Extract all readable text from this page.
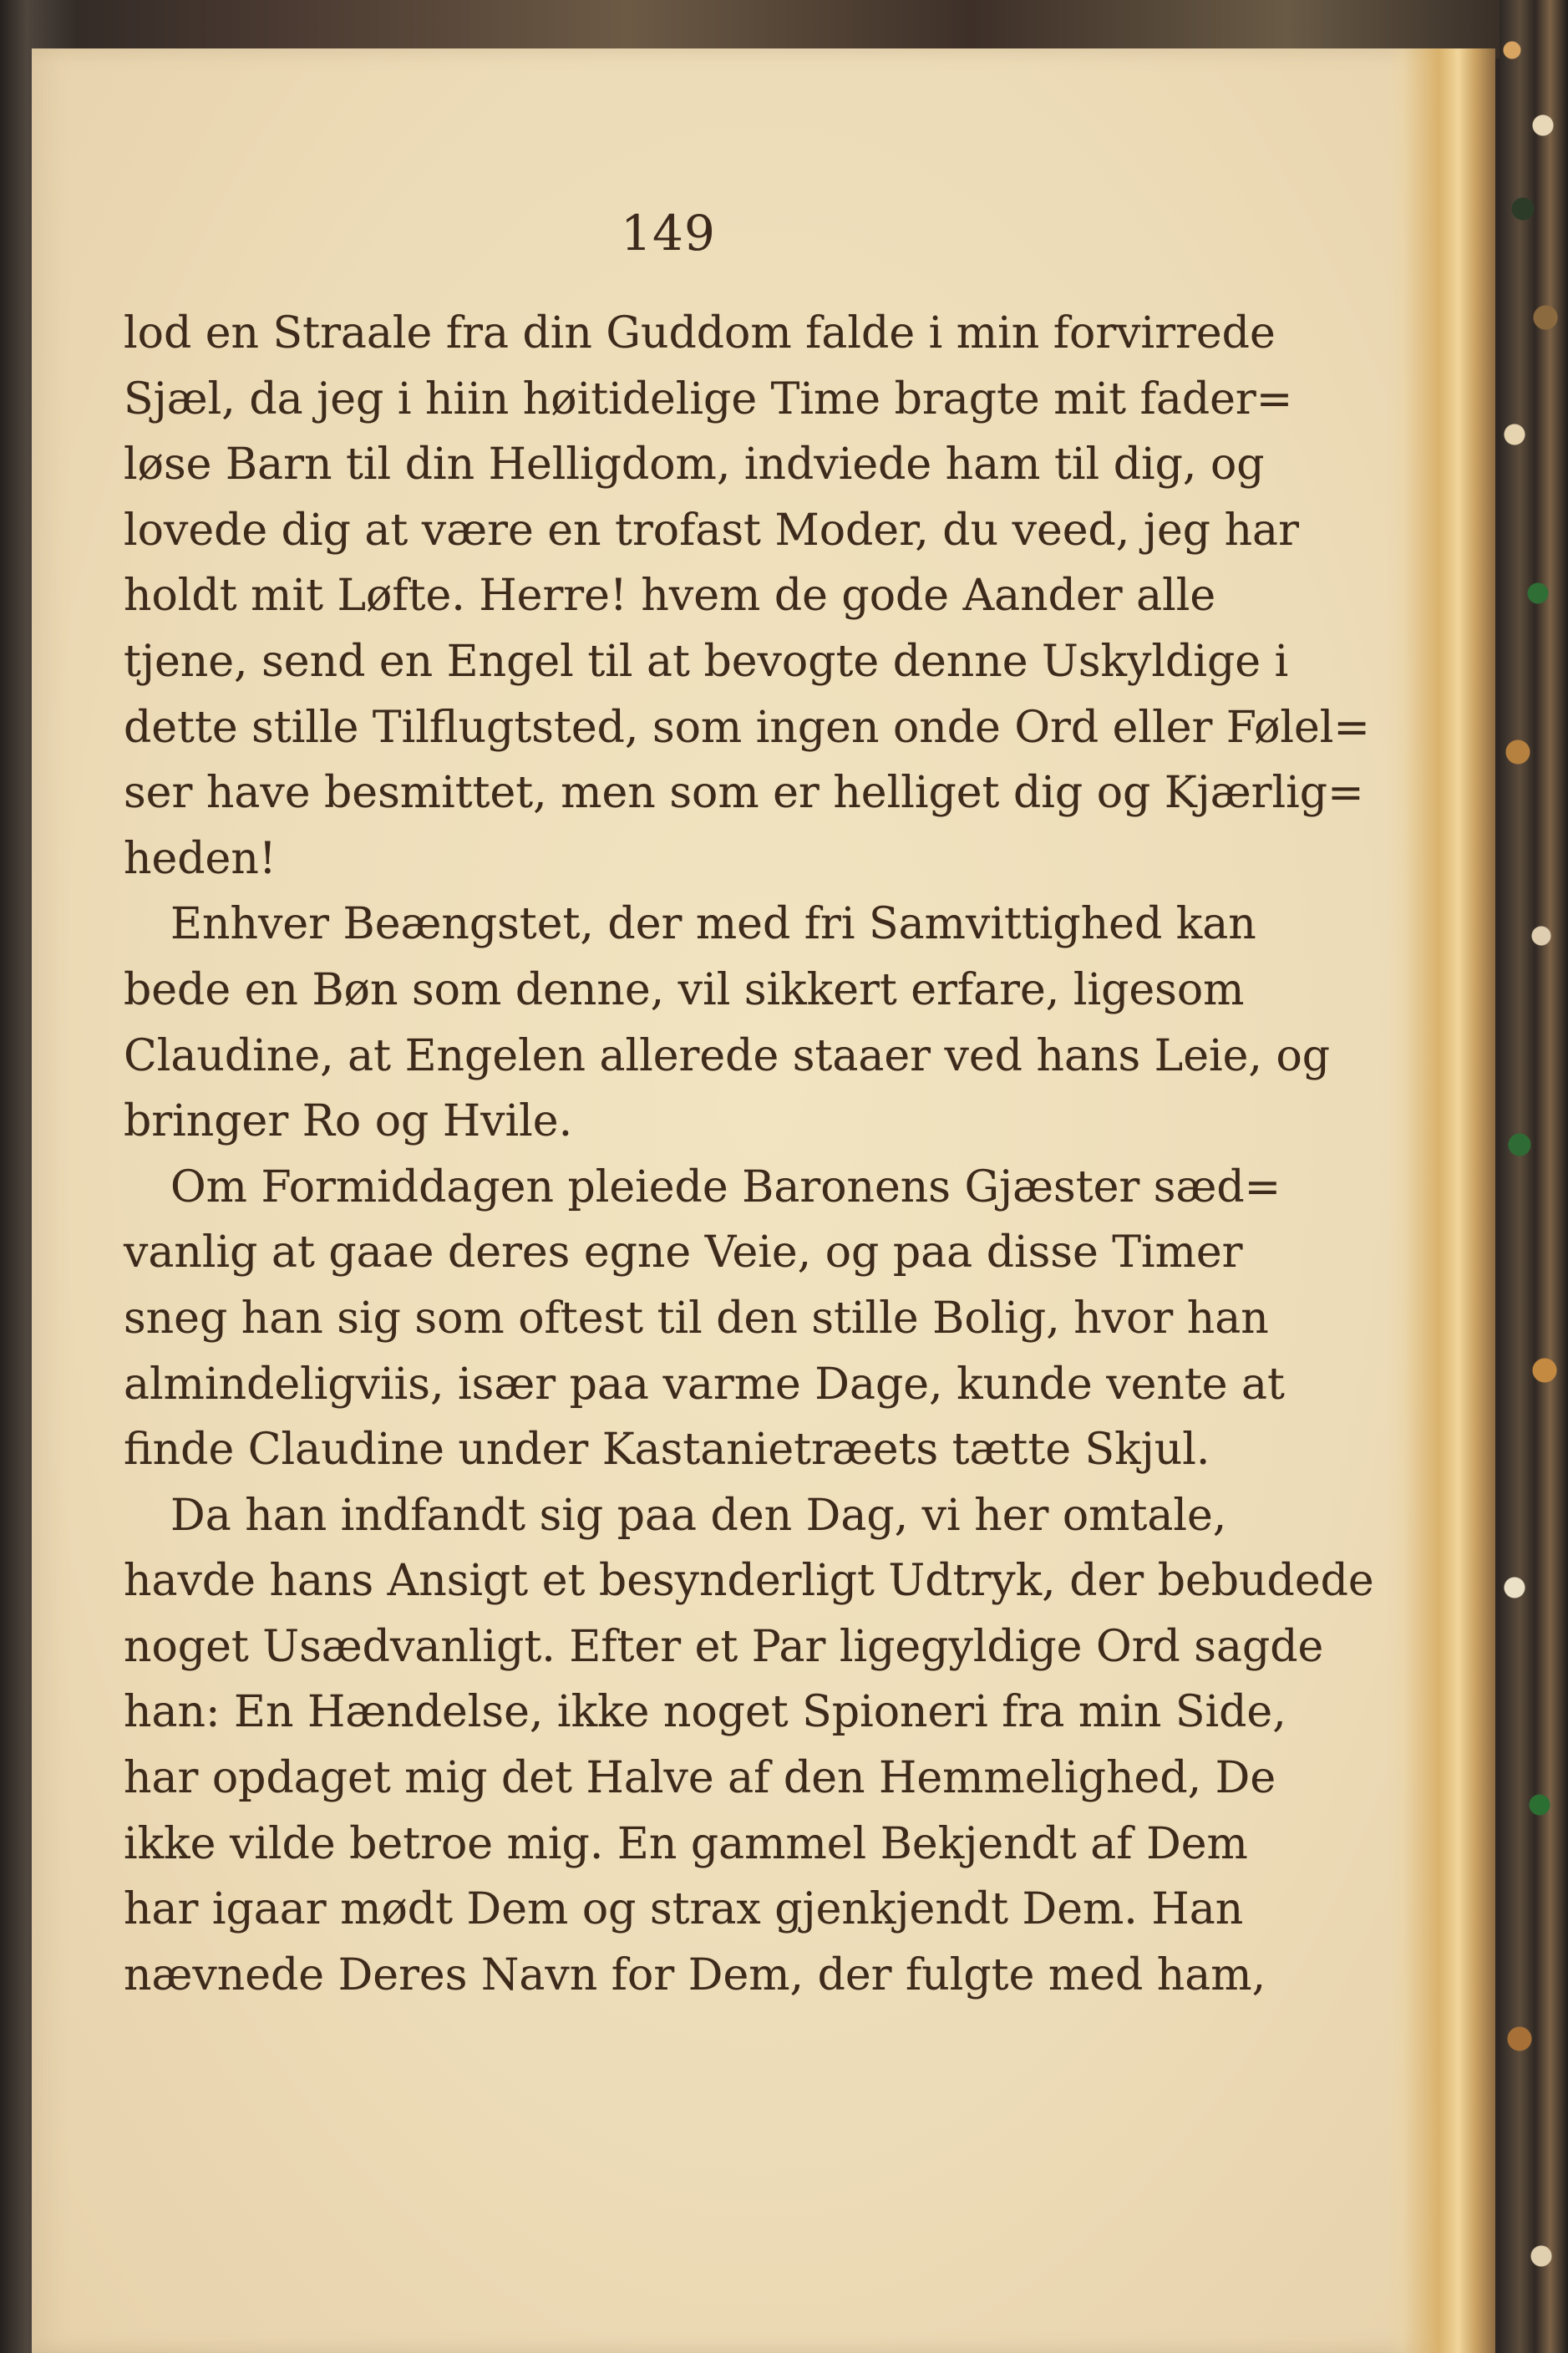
149
lod en Straale fra din Guddom falde i min forvirrede
Sjæl, da jeg i hiin høitidelige Time bragte mit fader=
løse Barn til din Helligdom, indviede ham til dig, og
lovede dig at være en trofast Moder, du veed, jeg har
holdt mit Løfte. Herre! hvem de gode Aander alle
tjene, send en Engel til at bevogte denne Uskyldige i
dette stille Tilflugtsted, som ingen onde Ord eller Følel=
ser have besmittet, men som er helliget dig og Kjærlig=
heden!
Enhver Beængstet, der med fri Samvittighed kan
bede en Bøn som denne, vil sikkert erfare, ligesom
Claudine, at Engelen allerede staaer ved hans Leie, og
bringer Ro og Hvile.
Om Formiddagen pleiede Baronens Gjæster sæd=
vanlig at gaae deres egne Veie, og paa disse Timer
sneg han sig som oftest til den stille Bolig, hvor han
almindeligviis, især paa varme Dage, kunde vente at
finde Claudine under Kastanietræets tætte Skjul.
Da han indfandt sig paa den Dag, vi her omtale,
havde hans Ansigt et besynderligt Udtryk, der bebudede
noget Usædvanligt. Efter et Par ligegyldige Ord sagde
han: En Hændelse, ikke noget Spioneri fra min Side,
har opdaget mig det Halve af den Hemmelighed, De
ikke vilde betroe mig. En gammel Bekjendt af Dem
har igaar mødt Dem og strax gjenkjendt Dem. Han
nævnede Deres Navn for Dem, der fulgte med ham,
